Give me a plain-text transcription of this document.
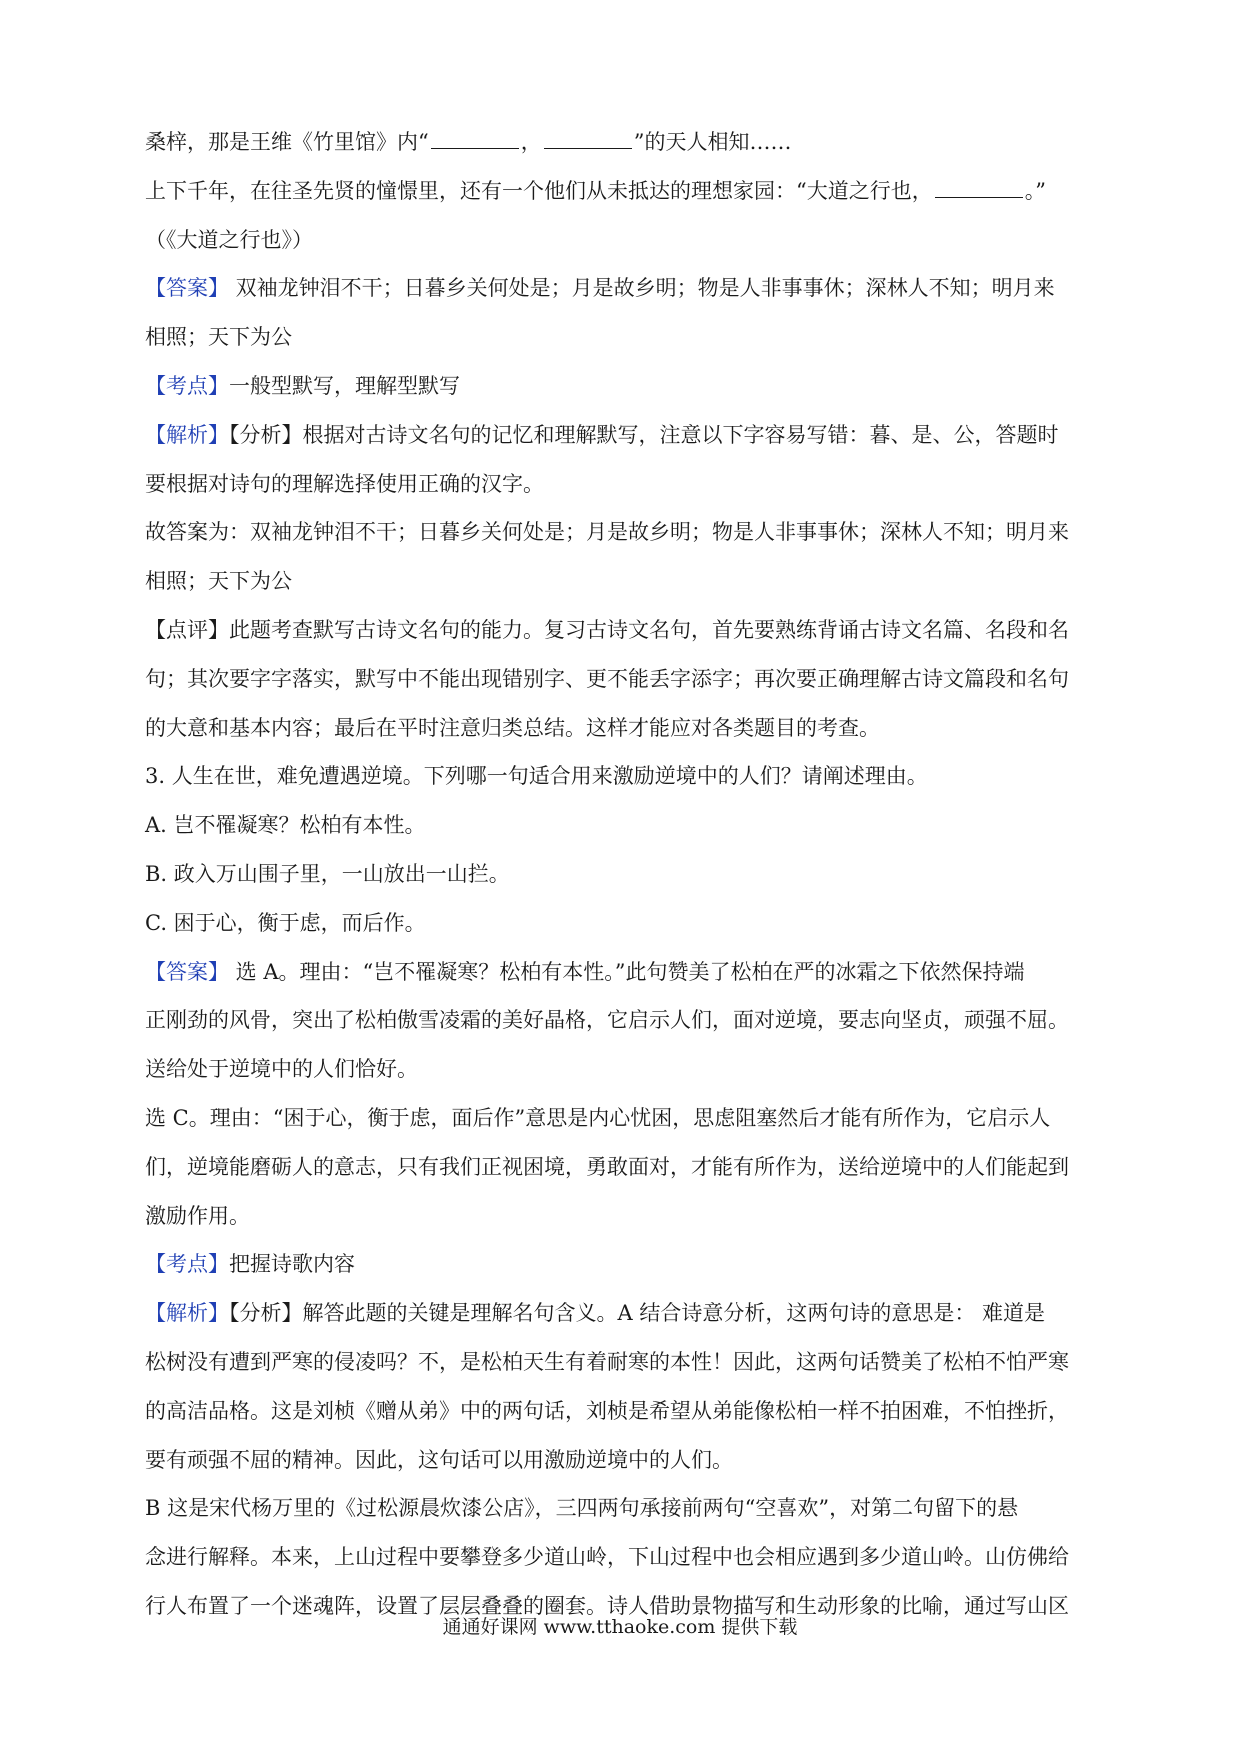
桑梓，那是王维《竹里馆》内“	，	”的天人相知……
上下千年，在往圣先贤的憧憬里，还有一个他们从未抵达的理想家园：“大道之行也，	。”
（《大道之行也》）
【答案】 双袖龙钟泪不干；日暮乡关何处是；月是故乡明；物是人非事事休；深林人不知；明月来
相照；天下为公
【考点】一般型默写，理解型默写
【解析】【分析】根据对古诗文名句的记忆和理解默写，注意以下字容易写错：暮、是、公，答题时
要根据对诗句的理解选择使用正确的汉字。
故答案为：双袖龙钟泪不干；日暮乡关何处是；月是故乡明；物是人非事事休；深林人不知；明月来
相照；天下为公
【点评】此题考查默写古诗文名句的能力。复习古诗文名句，首先要熟练背诵古诗文名篇、名段和名
句；其次要字字落实，默写中不能出现错别字、更不能丢字添字；再次要正确理解古诗文篇段和名句
的大意和基本内容；最后在平时注意归类总结。这样才能应对各类题目的考查。
3. 人生在世，难免遭遇逆境。下列哪一句适合用来激励逆境中的人们？请阐述理由。
A. 岂不罹凝寒？松柏有本性。
B. 政入万山围子里，一山放出一山拦。
C. 困于心，衡于虑，而后作。
【答案】 选 A。理由：“岂不罹凝寒？松柏有本性。”此句赞美了松柏在严的冰霜之下依然保持端
正刚劲的风骨，突出了松柏傲雪凌霜的美好晶格，它启示人们，面对逆境，要志向坚贞，顽强不屈。
送给处于逆境中的人们恰好。
选 C。理由：“困于心，衡于虑，面后作”意思是内心忧困，思虑阻塞然后才能有所作为，它启示人
们，逆境能磨砺人的意志，只有我们正视困境，勇敢面对，才能有所作为，送给逆境中的人们能起到
激励作用。
【考点】把握诗歌内容
【解析】【分析】解答此题的关键是理解名句含义。A 结合诗意分析，这两句诗的意思是： 难道是
松树没有遭到严寒的侵凌吗？不，是松柏天生有着耐寒的本性！因此，这两句话赞美了松柏不怕严寒
的高洁品格。这是刘桢《赠从弟》中的两句话，刘桢是希望从弟能像松柏一样不拍困难，不怕挫折，
要有顽强不屈的精神。因此，这句话可以用激励逆境中的人们。
B 这是宋代杨万里的《过松源晨炊漆公店》，三四两句承接前两句“空喜欢”，对第二句留下的悬
念进行解释。本来，上山过程中要攀登多少道山岭，下山过程中也会相应遇到多少道山岭。山仿佛给
行人布置了一个迷魂阵，设置了层层叠叠的圈套。诗人借助景物描写和生动形象的比喻，通过写山区
通通好课网 www.tthaoke.com 提供下载
